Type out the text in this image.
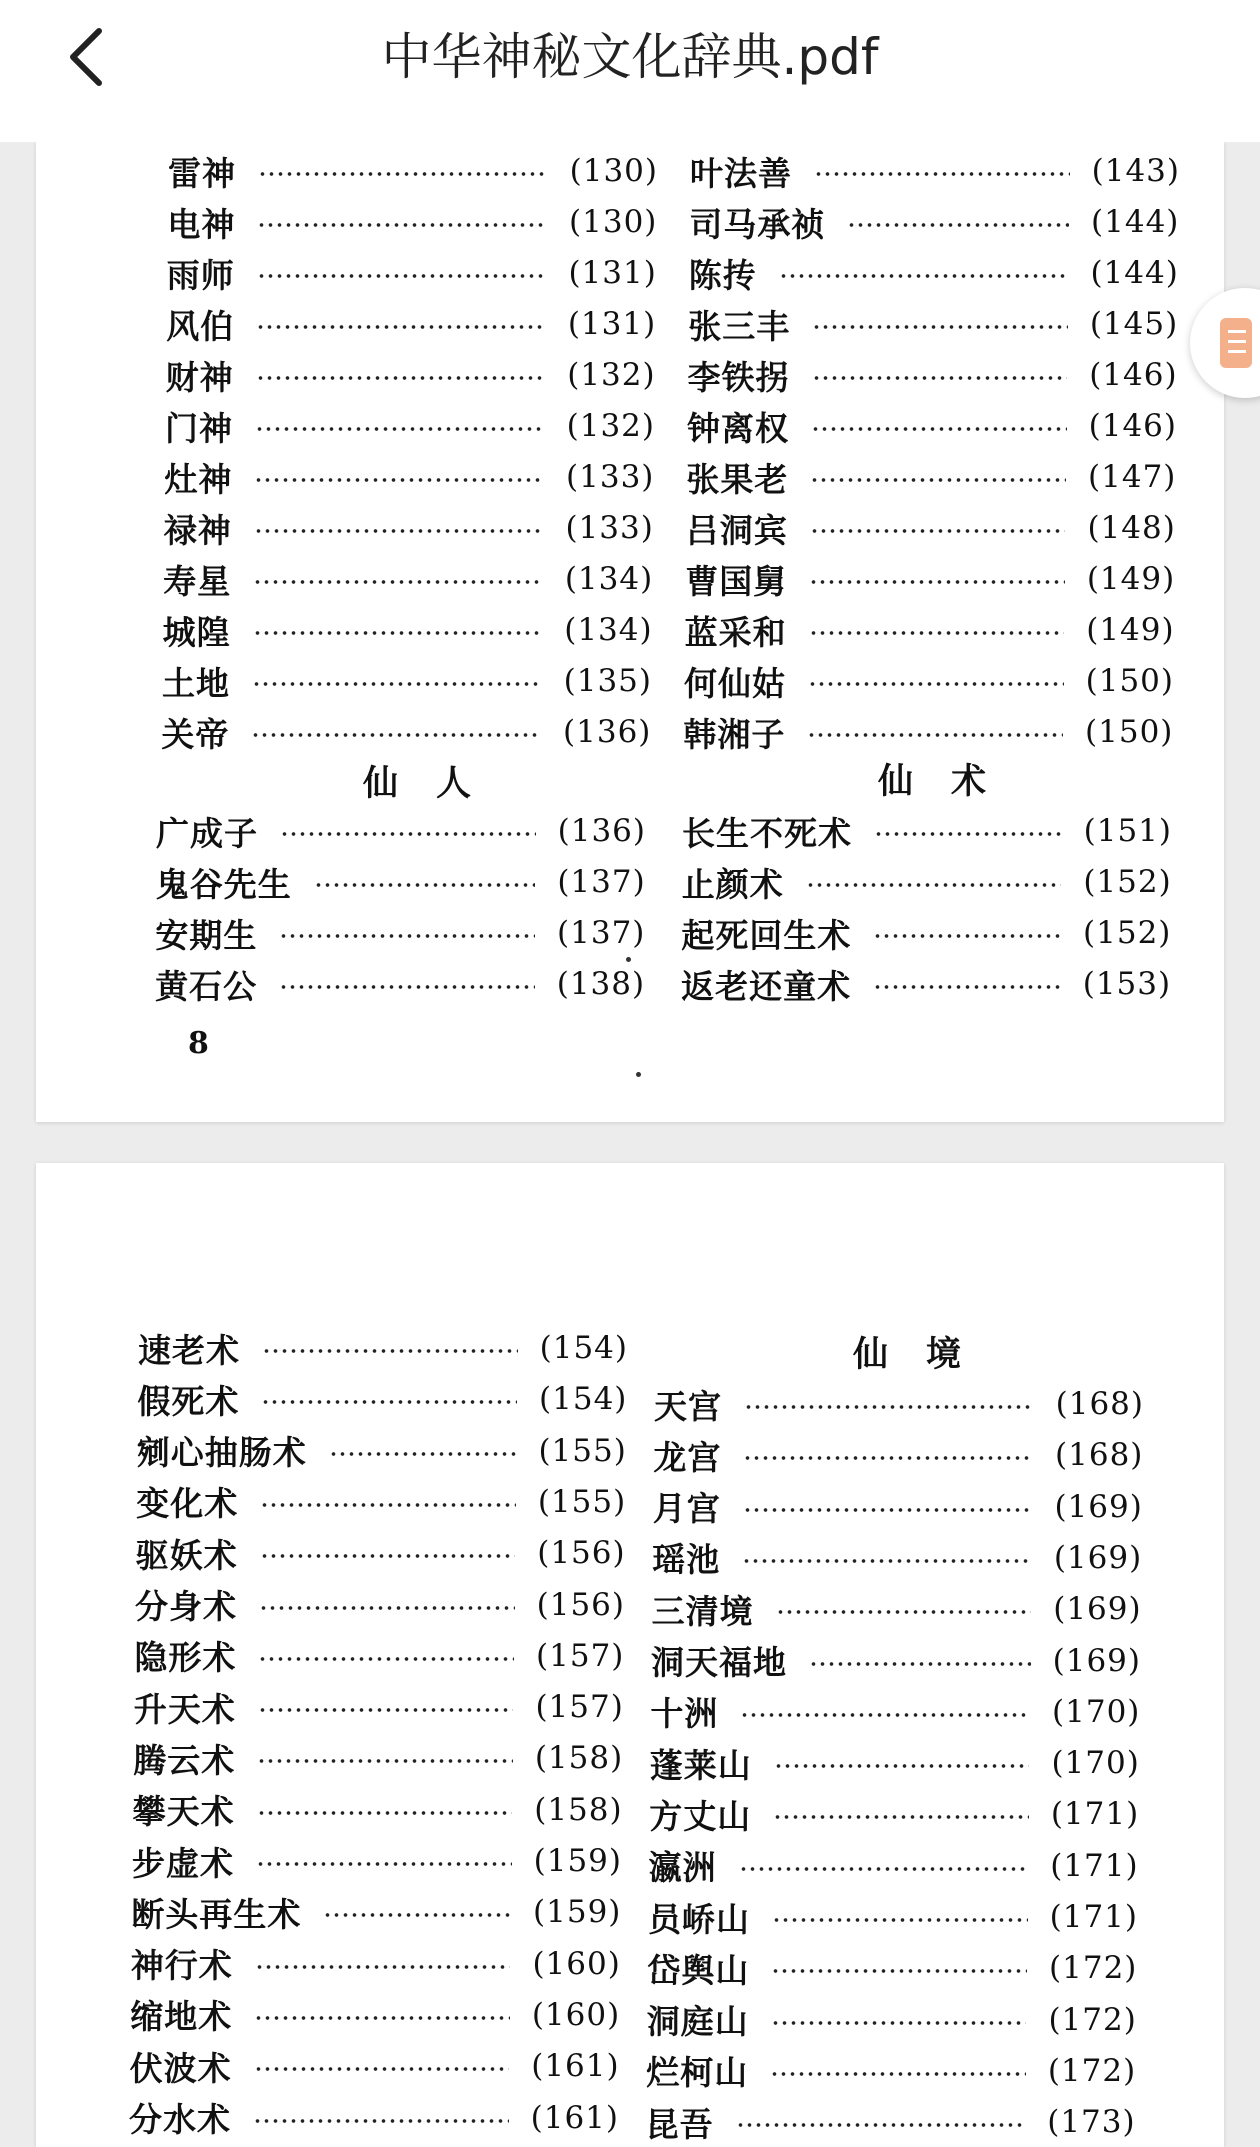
中华神秘文化辞典.pdf
雷神	(130)
电神	(130)
雨师	(131)
风伯	(131)
财神	(132)
门神	(132)
灶神	(133)
禄神	(133)
寿星	(134)
城隍	(134)
土地	(135)
关帝	(136)
广成子	(136)
鬼谷先生	(137)
安期生	(137)
黄石公	(138)
叶法善	(143)
司马承祯	(144)
陈抟	(144)
张三丰	(145)
李铁拐	(146)
钟离权	(146)
张果老	(147)
吕洞宾	(148)
曹国舅	(149)
蓝采和	(149)
何仙姑	(150)
韩湘子	(150)
长生不死术	(151)
止颜术	(152)
起死回生术	(152)
返老还童术	(153)
仙人	仙术
8
速老术	(154)
假死术	(154)
剜心抽肠术	(155)
变化术	(155)
驱妖术	(156)
分身术	(156)
隐形术	(157)
升天术	(157)
腾云术	(158)
攀天术	(158)
步虚术	(159)
断头再生术	(159)
神行术	(160)
缩地术	(160)
伏波术	(161)
分水术	(161)
天宫	(168)
龙宫	(168)
月宫	(169)
瑶池	(169)
三清境	(169)
洞天福地	(169)
十洲	(170)
蓬莱山	(170)
方丈山	(171)
瀛洲	(171)
员峤山	(171)
岱舆山	(172)
洞庭山	(172)
烂柯山	(172)
昆吾	(173)
仙境
